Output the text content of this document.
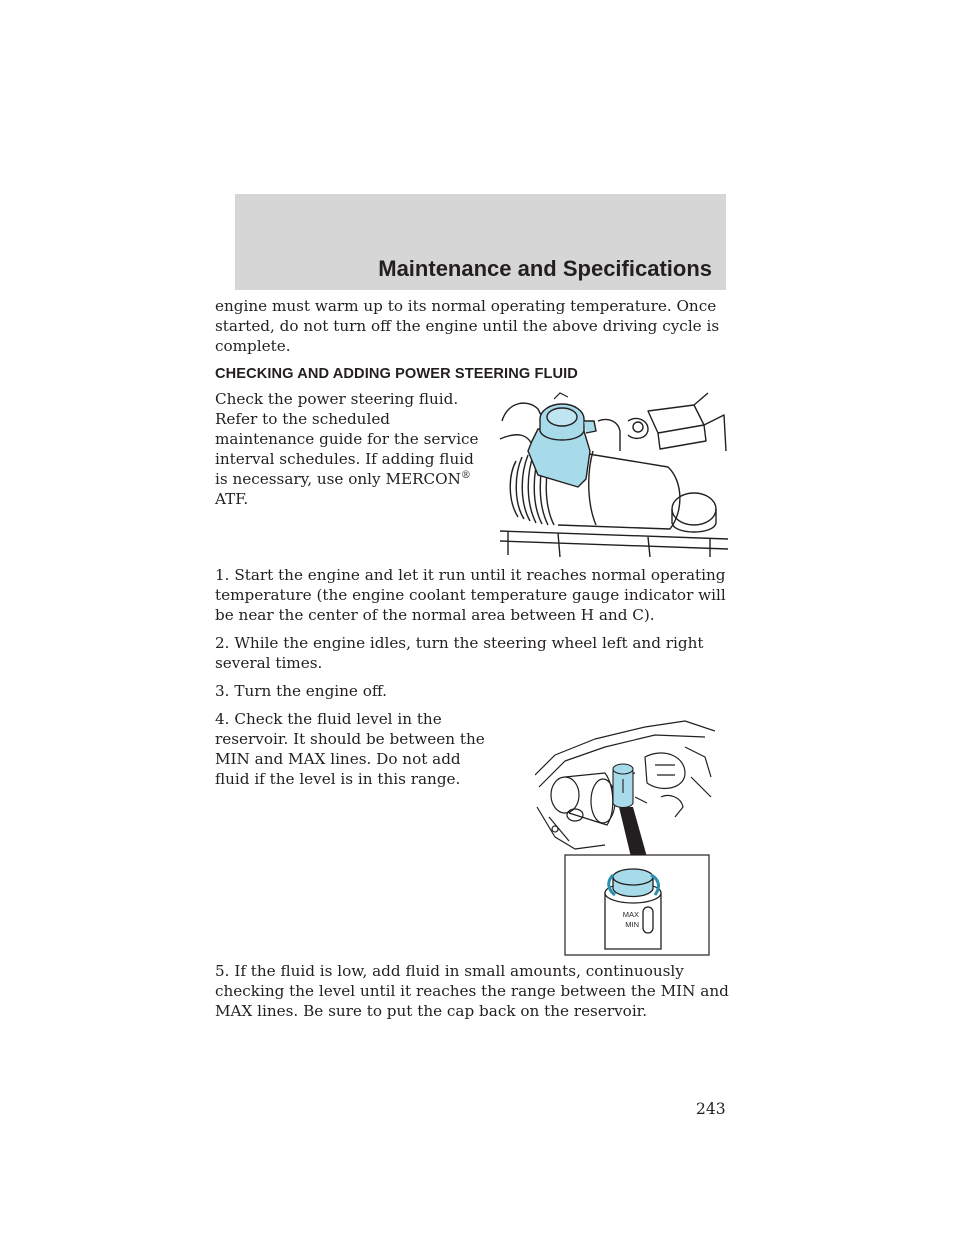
Maintenance and Specifications

engine must warm up to its normal operating temperature. Once started, do not turn off the engine until the above driving cycle is complete.

CHECKING AND ADDING POWER STEERING FLUID
Check the power steering fluid. Refer to the scheduled maintenance guide for the service interval schedules. If adding fluid is necessary, use only MERCON® ATF.

1. Start the engine and let it run until it reaches normal operating temperature (the engine coolant temperature gauge indicator will be near the center of the normal area between H and C).

2. While the engine idles, turn the steering wheel left and right several times.

3. Turn the engine off.

4. Check the fluid level in the reservoir. It should be between the MIN and MAX lines. Do not add fluid if the level is in this range.
MAX
MIN

5. If the fluid is low, add fluid in small amounts, continuously checking the level until it reaches the range between the MIN and MAX lines. Be sure to put the cap back on the reservoir.

243
